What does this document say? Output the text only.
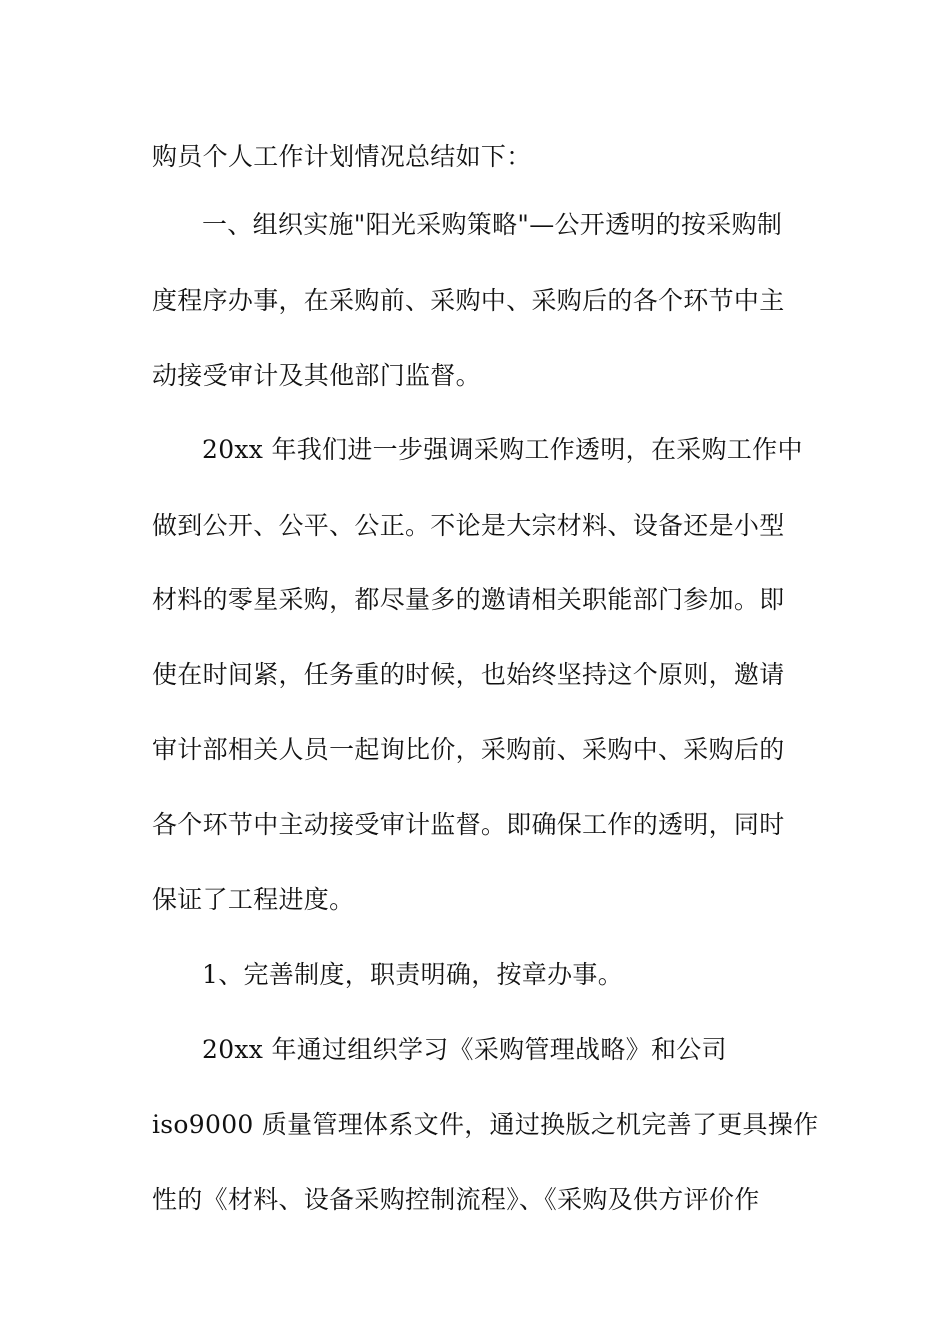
购员个人工作计划情况总结如下：
一、组织实施"阳光采购策略"—公开透明的按采购制
度程序办事，在采购前、采购中、采购后的各个环节中主
动接受审计及其他部门监督。
20xx 年我们进一步强调采购工作透明，在采购工作中
做到公开、公平、公正。不论是大宗材料、设备还是小型
材料的零星采购，都尽量多的邀请相关职能部门参加。即
使在时间紧，任务重的时候，也始终坚持这个原则，邀请
审计部相关人员一起询比价，采购前、采购中、采购后的
各个环节中主动接受审计监督。即确保工作的透明，同时
保证了工程进度。
1、完善制度，职责明确，按章办事。
20xx 年通过组织学习《采购管理战略》和公司
iso9000 质量管理体系文件，通过换版之机完善了更具操作
性的《材料、设备采购控制流程》、《采购及供方评价作
